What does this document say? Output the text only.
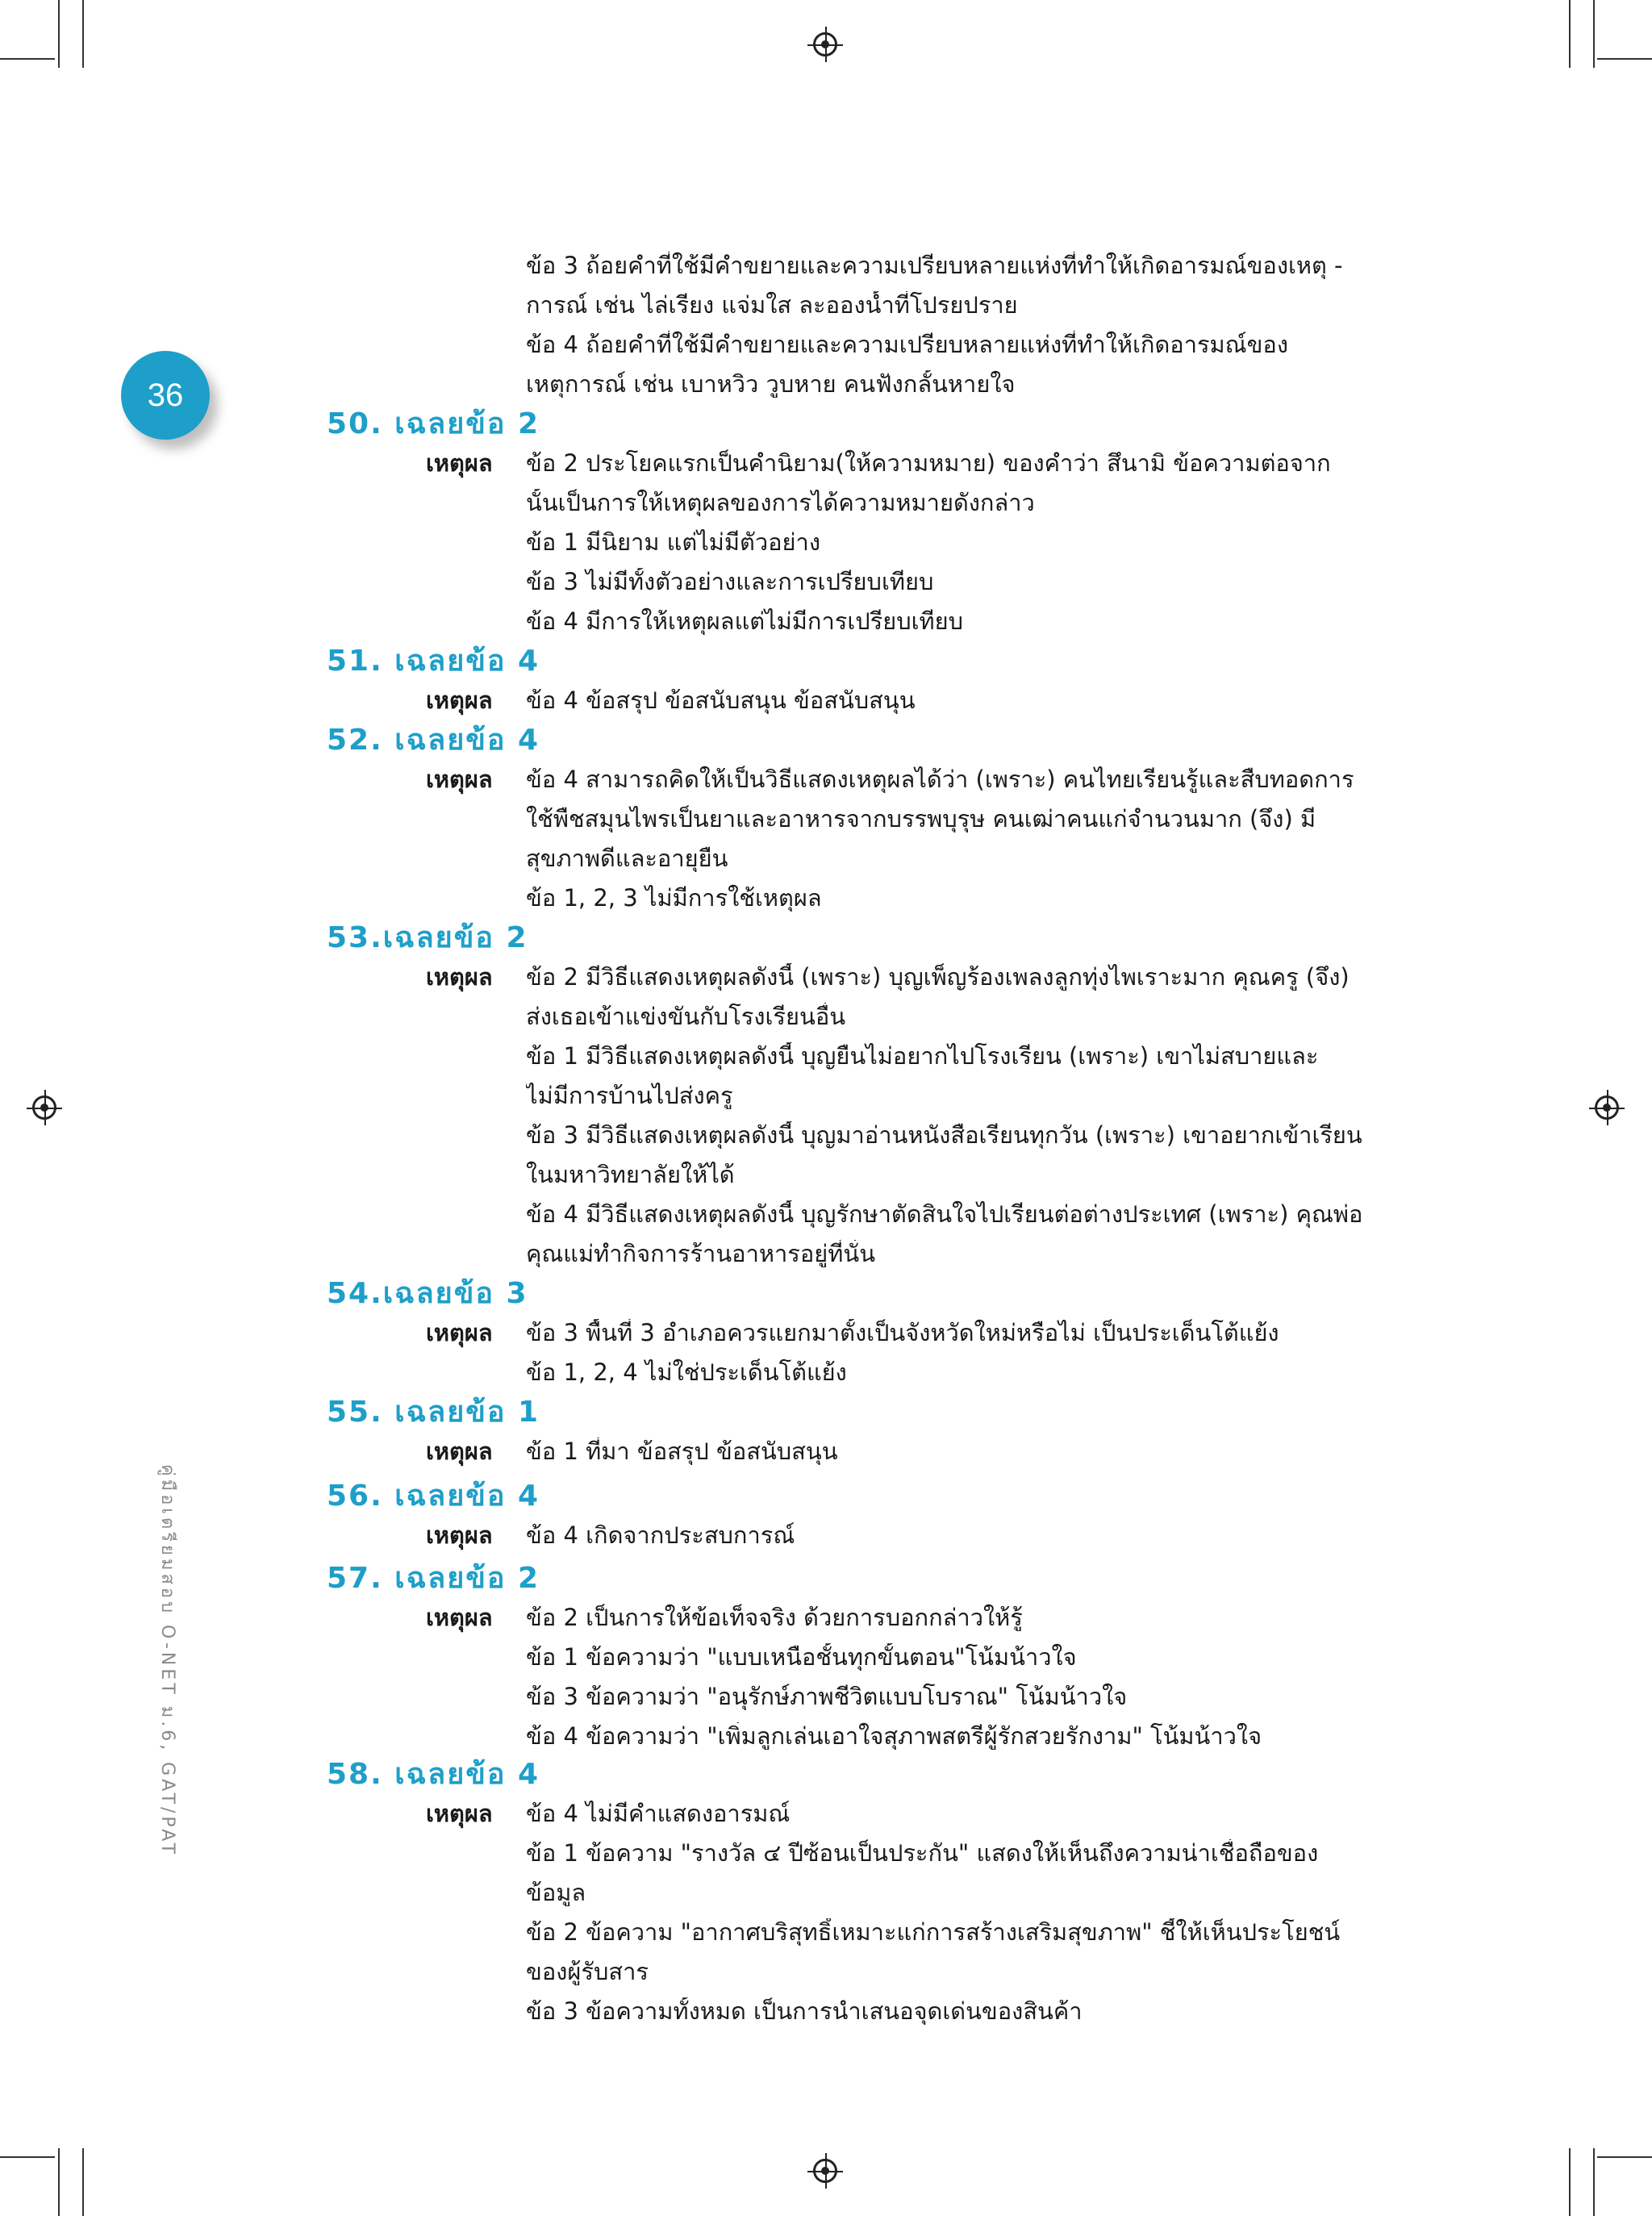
36
คู่มือเตรียมสอบ O-NET ม.6, GAT/PAT
ข้อ 3 ถ้อยคำที่ใช้มีคำขยายและความเปรียบหลายแห่งที่ทำให้เกิดอารมณ์ของเหตุ -
การณ์ เช่น ไล่เรียง แจ่มใส ละอองน้ำที่โปรยปราย
ข้อ 4 ถ้อยคำที่ใช้มีคำขยายและความเปรียบหลายแห่งที่ทำให้เกิดอารมณ์ของ
เหตุการณ์ เช่น เบาหวิว วูบหาย คนฟังกลั้นหายใจ
50. เฉลยข้อ 2
เหตุผล ข้อ 2 ประโยคแรกเป็นคำนิยาม(ให้ความหมาย) ของคำว่า สึนามิ ข้อความต่อจาก
นั้นเป็นการให้เหตุผลของการได้ความหมายดังกล่าว
ข้อ 1 มีนิยาม แต่ไม่มีตัวอย่าง
ข้อ 3 ไม่มีทั้งตัวอย่างและการเปรียบเทียบ
ข้อ 4 มีการให้เหตุผลแต่ไม่มีการเปรียบเทียบ
51. เฉลยข้อ 4
เหตุผล ข้อ 4 ข้อสรุป ข้อสนับสนุน ข้อสนับสนุน
52. เฉลยข้อ 4
เหตุผล ข้อ 4 สามารถคิดให้เป็นวิธีแสดงเหตุผลได้ว่า (เพราะ) คนไทยเรียนรู้และสืบทอดการ
ใช้พืชสมุนไพรเป็นยาและอาหารจากบรรพบุรุษ คนเฒ่าคนแก่จำนวนมาก (จึง) มี
สุขภาพดีและอายุยืน
ข้อ 1, 2, 3 ไม่มีการใช้เหตุผล
53.เฉลยข้อ 2
เหตุผล ข้อ 2 มีวิธีแสดงเหตุผลดังนี้ (เพราะ) บุญเพ็ญร้องเพลงลูกทุ่งไพเราะมาก คุณครู (จึง)
ส่งเธอเข้าแข่งขันกับโรงเรียนอื่น
ข้อ 1 มีวิธีแสดงเหตุผลดังนี้ บุญยืนไม่อยากไปโรงเรียน (เพราะ) เขาไม่สบายและ
ไม่มีการบ้านไปส่งครู
ข้อ 3 มีวิธีแสดงเหตุผลดังนี้ บุญมาอ่านหนังสือเรียนทุกวัน (เพราะ) เขาอยากเข้าเรียน
ในมหาวิทยาลัยให้ได้
ข้อ 4 มีวิธีแสดงเหตุผลดังนี้ บุญรักษาตัดสินใจไปเรียนต่อต่างประเทศ (เพราะ) คุณพ่อ
คุณแม่ทำกิจการร้านอาหารอยู่ที่นั่น
54.เฉลยข้อ 3
เหตุผล ข้อ 3 พื้นที่ 3 อำเภอควรแยกมาตั้งเป็นจังหวัดใหม่หรือไม่ เป็นประเด็นโต้แย้ง
ข้อ 1, 2, 4 ไม่ใช่ประเด็นโต้แย้ง
55. เฉลยข้อ 1
เหตุผล ข้อ 1 ที่มา ข้อสรุป ข้อสนับสนุน
56. เฉลยข้อ 4
เหตุผล ข้อ 4 เกิดจากประสบการณ์
57. เฉลยข้อ 2
เหตุผล ข้อ 2 เป็นการให้ข้อเท็จจริง ด้วยการบอกกล่าวให้รู้
ข้อ 1 ข้อความว่า "แบบเหนือชั้นทุกขั้นตอน"โน้มน้าวใจ
ข้อ 3 ข้อความว่า "อนุรักษ์ภาพชีวิตแบบโบราณ" โน้มน้าวใจ
ข้อ 4 ข้อความว่า "เพิ่มลูกเล่นเอาใจสุภาพสตรีผู้รักสวยรักงาม" โน้มน้าวใจ
58. เฉลยข้อ 4
เหตุผล ข้อ 4 ไม่มีคำแสดงอารมณ์
ข้อ 1 ข้อความ "รางวัล ๔ ปีซ้อนเป็นประกัน" แสดงให้เห็นถึงความน่าเชื่อถือของ
ข้อมูล
ข้อ 2 ข้อความ "อากาศบริสุทธิ์เหมาะแก่การสร้างเสริมสุขภาพ" ชี้ให้เห็นประโยชน์
ของผู้รับสาร
ข้อ 3 ข้อความทั้งหมด เป็นการนำเสนอจุดเด่นของสินค้า
